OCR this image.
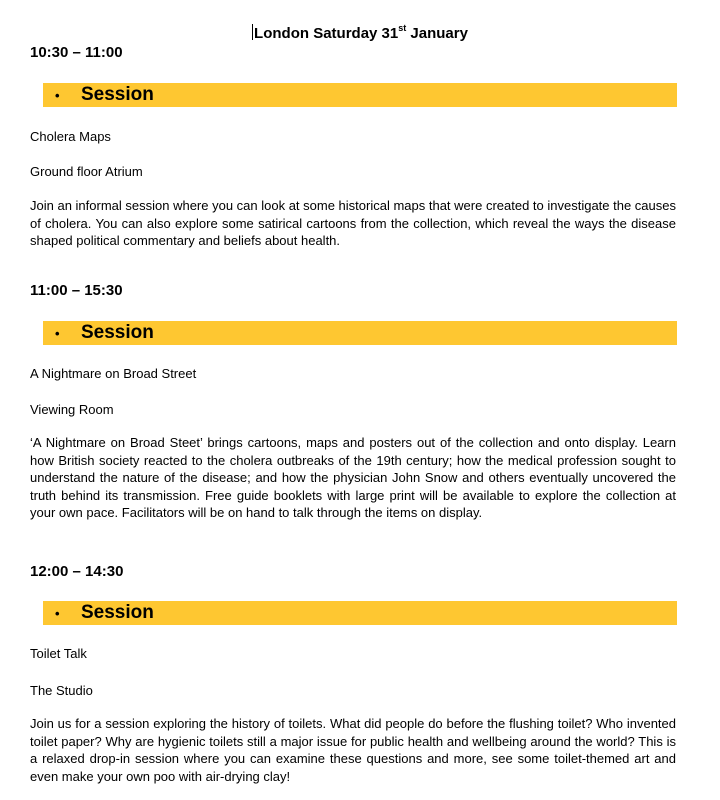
London Saturday 31st January
10:30 – 11:00
•	Session
Cholera Maps
Ground floor Atrium

Join an informal session where you can look at some historical maps that were created to investigate the causes of cholera. You can also explore some satirical cartoons from the collection, which reveal the ways the disease shaped political commentary and beliefs about health.

11:00 – 15:30
•	Session
A Nightmare on Broad Street
Viewing Room

‘A Nightmare on Broad Steet’ brings cartoons, maps and posters out of the collection and onto display. Learn how British society reacted to the cholera outbreaks of the 19th century; how the medical profession sought to understand the nature of the disease; and how the physician John Snow and others eventually uncovered the truth behind its transmission. Free guide booklets with large print will be available to explore the collection at your own pace. Facilitators will be on hand to talk through the items on display.

12:00 – 14:30
•	Session
Toilet Talk
The Studio

Join us for a session exploring the history of toilets. What did people do before the flushing toilet? Who invented toilet paper? Why are hygienic toilets still a major issue for public health and wellbeing around the world? This is a relaxed drop-in session where you can examine these questions and more, see some toilet-themed art and even make your own poo with air-drying clay!
